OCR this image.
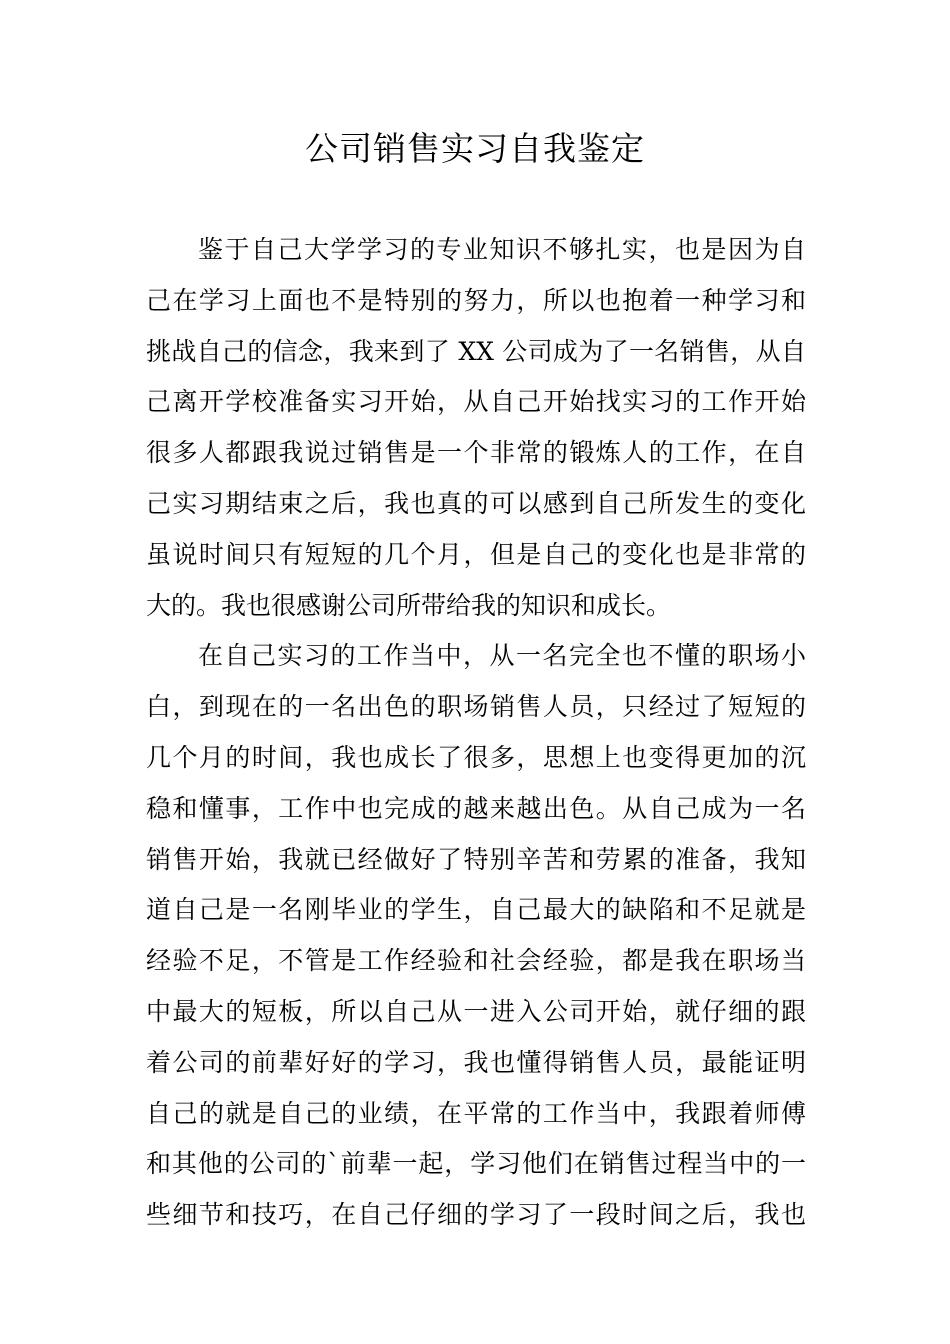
公司销售实习自我鉴定
鉴于自己大学学习的专业知识不够扎实，也是因为自
己在学习上面也不是特别的努力，所以也抱着一种学习和
挑战自己的信念，我来到了 XX 公司成为了一名销售，从自
己离开学校准备实习开始，从自己开始找实习的工作开始
很多人都跟我说过销售是一个非常的锻炼人的工作，在自
己实习期结束之后，我也真的可以感到自己所发生的变化
虽说时间只有短短的几个月，但是自己的变化也是非常的
大的。我也很感谢公司所带给我的知识和成长。
在自己实习的工作当中，从一名完全也不懂的职场小
白，到现在的一名出色的职场销售人员，只经过了短短的
几个月的时间，我也成长了很多，思想上也变得更加的沉
稳和懂事，工作中也完成的越来越出色。从自己成为一名
销售开始，我就已经做好了特别辛苦和劳累的准备，我知
道自己是一名刚毕业的学生，自己最大的缺陷和不足就是
经验不足，不管是工作经验和社会经验，都是我在职场当
中最大的短板，所以自己从一进入公司开始，就仔细的跟
着公司的前辈好好的学习，我也懂得销售人员，最能证明
自己的就是自己的业绩，在平常的工作当中，我跟着师傅
和其他的公司的`前辈一起，学习他们在销售过程当中的一
些细节和技巧，在自己仔细的学习了一段时间之后，我也
